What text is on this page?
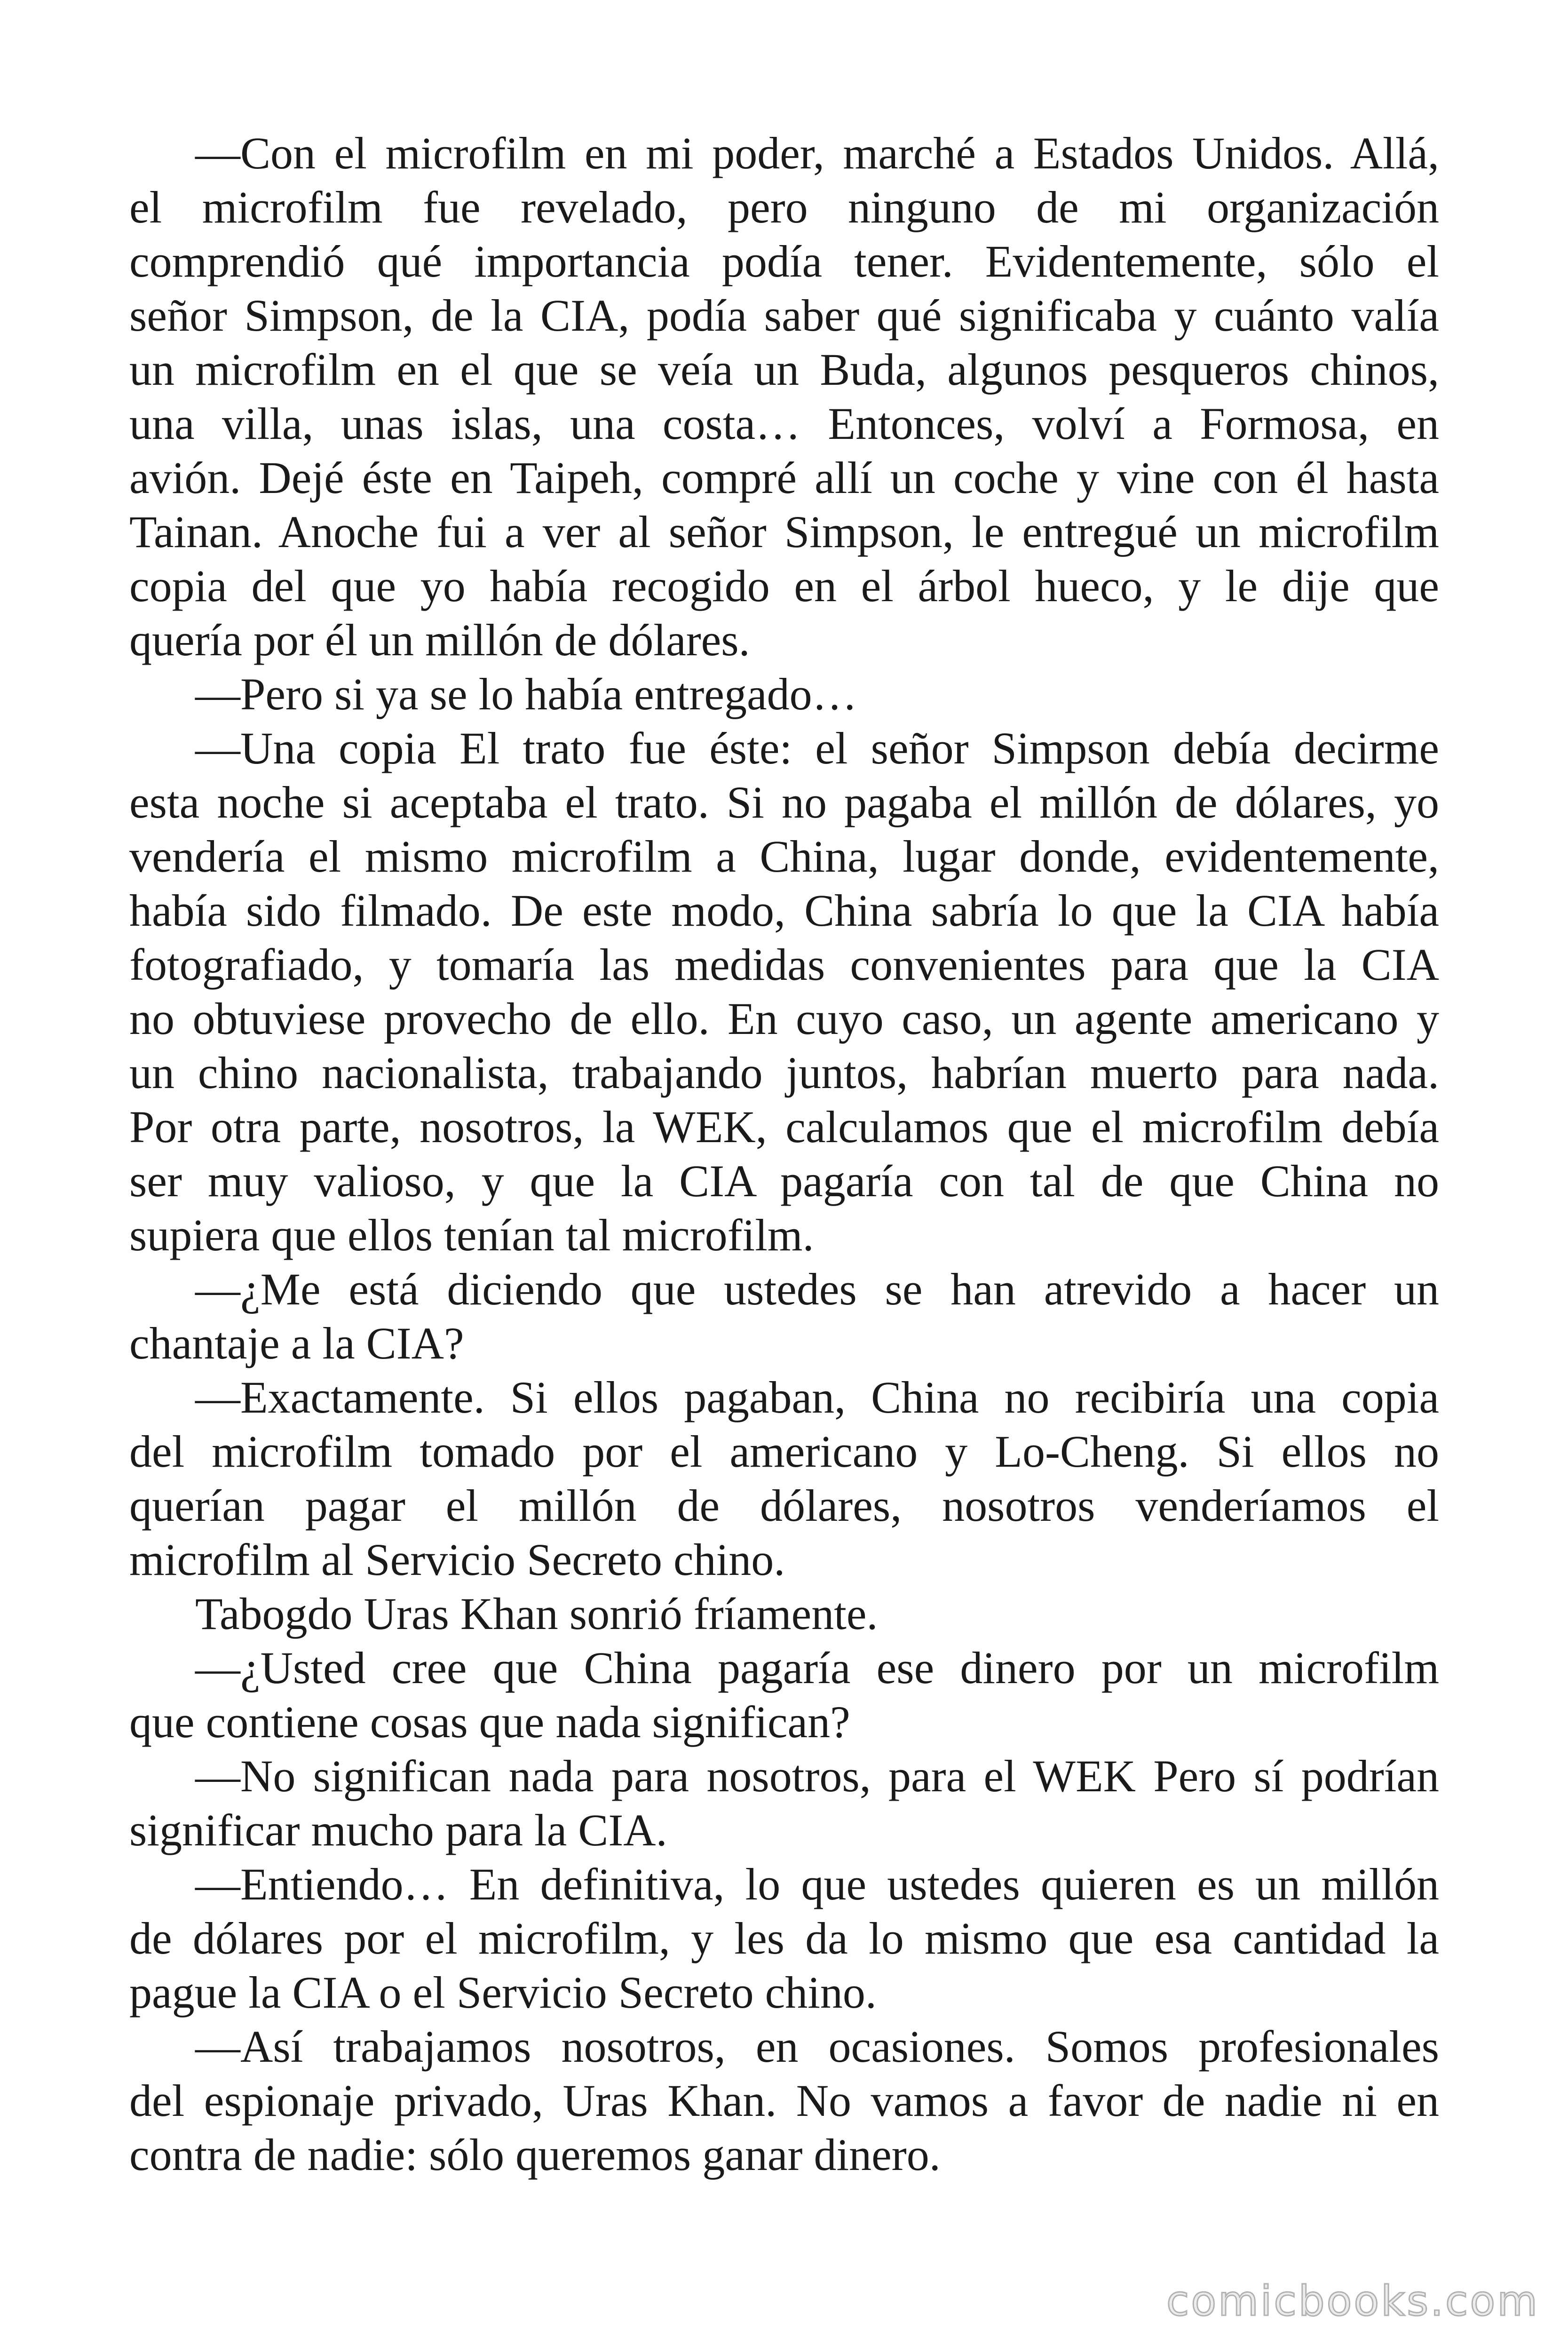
—Con el microfilm en mi poder, marché a Estados Unidos. Allá,
el microfilm fue revelado, pero ninguno de mi organización
comprendió qué importancia podía tener. Evidentemente, sólo el
señor Simpson, de la CIA, podía saber qué significaba y cuánto valía
un microfilm en el que se veía un Buda, algunos pesqueros chinos,
una villa, unas islas, una costa… Entonces, volví a Formosa, en
avión. Dejé éste en Taipeh, compré allí un coche y vine con él hasta
Tainan. Anoche fui a ver al señor Simpson, le entregué un microfilm
copia del que yo había recogido en el árbol hueco, y le dije que
quería por él un millón de dólares.
—Pero si ya se lo había entregado…
—Una copia El trato fue éste: el señor Simpson debía decirme
esta noche si aceptaba el trato. Si no pagaba el millón de dólares, yo
vendería el mismo microfilm a China, lugar donde, evidentemente,
había sido filmado. De este modo, China sabría lo que la CIA había
fotografiado, y tomaría las medidas convenientes para que la CIA
no obtuviese provecho de ello. En cuyo caso, un agente americano y
un chino nacionalista, trabajando juntos, habrían muerto para nada.
Por otra parte, nosotros, la WEK, calculamos que el microfilm debía
ser muy valioso, y que la CIA pagaría con tal de que China no
supiera que ellos tenían tal microfilm.
—¿Me está diciendo que ustedes se han atrevido a hacer un
chantaje a la CIA?
—Exactamente. Si ellos pagaban, China no recibiría una copia
del microfilm tomado por el americano y Lo-Cheng. Si ellos no
querían pagar el millón de dólares, nosotros venderíamos el
microfilm al Servicio Secreto chino.
Tabogdo Uras Khan sonrió fríamente.
—¿Usted cree que China pagaría ese dinero por un microfilm
que contiene cosas que nada significan?
—No significan nada para nosotros, para el WEK Pero sí podrían
significar mucho para la CIA.
—Entiendo… En definitiva, lo que ustedes quieren es un millón
de dólares por el microfilm, y les da lo mismo que esa cantidad la
pague la CIA o el Servicio Secreto chino.
—Así trabajamos nosotros, en ocasiones. Somos profesionales
del espionaje privado, Uras Khan. No vamos a favor de nadie ni en
contra de nadie: sólo queremos ganar dinero.
comicbooks.com
